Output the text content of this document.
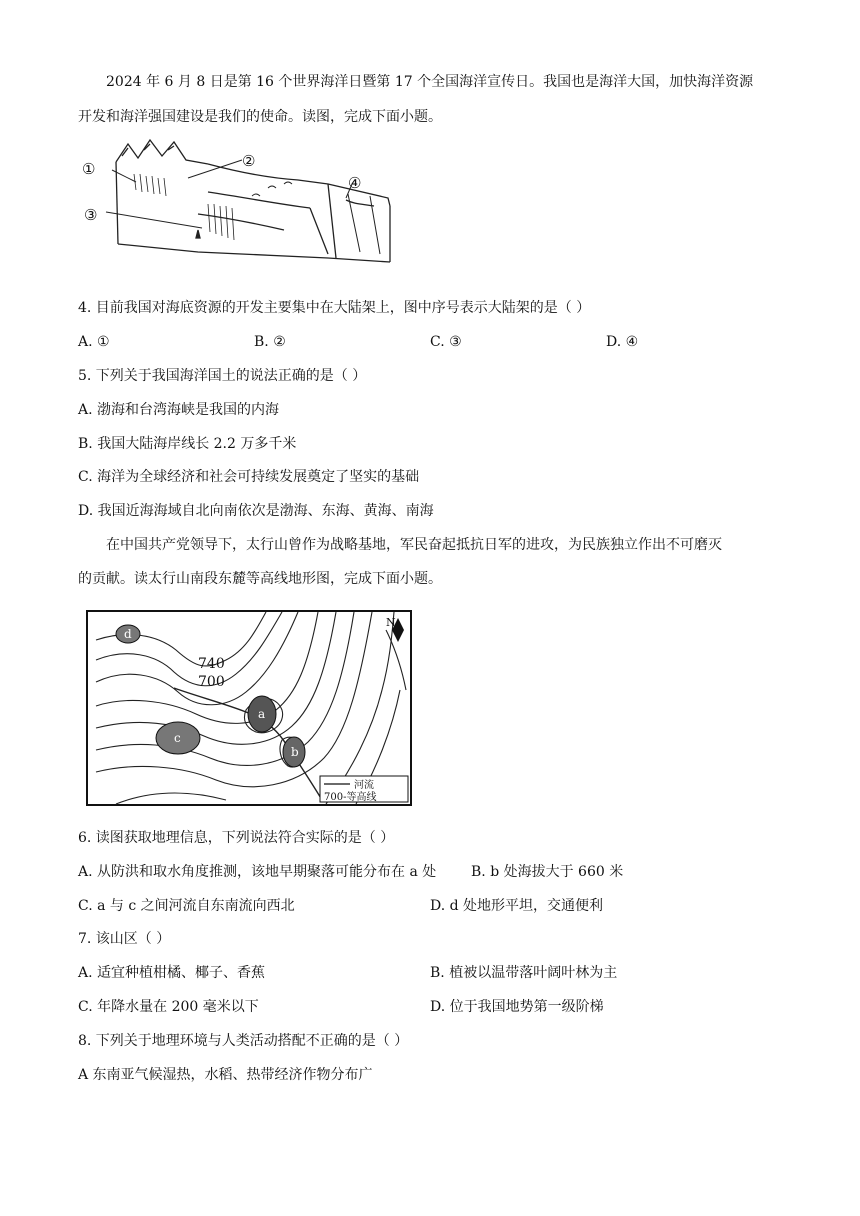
2024 年 6 月 8 日是第 16 个世界海洋日暨第 17 个全国海洋宣传日。我国也是海洋大国，加快海洋资源
开发和海洋强国建设是我们的使命。读图，完成下面小题。
①	②
③
④
4. 目前我国对海底资源的开发主要集中在大陆架上，图中序号表示大陆架的是（ ）
A. ①	B. ②	C. ③	D. ④
5. 下列关于我国海洋国土的说法正确的是（ ）
A. 渤海和台湾海峡是我国的内海
B. 我国大陆海岸线长 2.2 万多千米
C. 海洋为全球经济和社会可持续发展奠定了坚实的基础
D. 我国近海海域自北向南依次是渤海、东海、黄海、南海
在中国共产党领导下，太行山曾作为战略基地，军民奋起抵抗日军的进攻，为民族独立作出不可磨灭
的贡献。读太行山南段东麓等高线地形图，完成下面小题。
a
b
c
d
740
700
N
河流
700-等高线
6. 读图获取地理信息，下列说法符合实际的是（ ）
A. 从防洪和取水角度推测，该地早期聚落可能分布在 a 处 B. b 处海拔大于 660 米
C. a 与 c 之间河流自东南流向西北	D. d 处地形平坦，交通便利
7. 该山区（ ）
A. 适宜种植柑橘、椰子、香蕉	B. 植被以温带落叶阔叶林为主
C. 年降水量在 200 毫米以下	D. 位于我国地势第一级阶梯
8. 下列关于地理环境与人类活动搭配不正确的是（ ）
A 东南亚气候湿热，水稻、热带经济作物分布广
